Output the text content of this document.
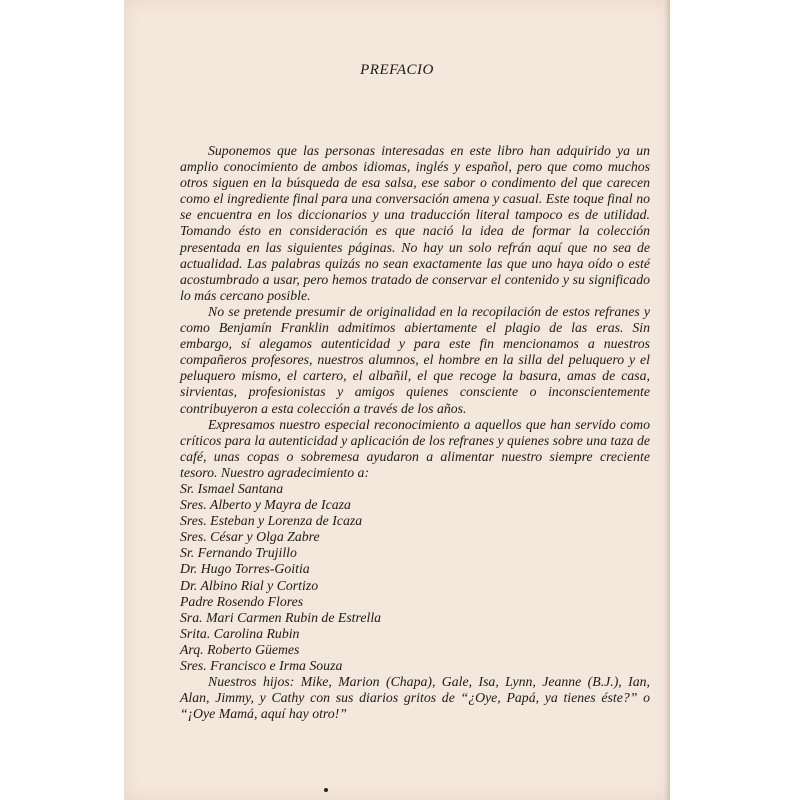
PREFACIO

Suponemos que las personas interesadas en este libro han adquirido ya un amplio conocimiento de ambos idiomas, inglés y español, pero que como muchos otros siguen en la búsqueda de esa salsa, ese sabor o condimento del que carecen como el ingrediente final para una conversación amena y casual. Este toque final no se encuentra en los diccionarios y una traducción literal tampoco es de utilidad. Tomando ésto en consideración es que nació la idea de formar la colección presentada en las siguientes páginas. No hay un solo refrán aquí que no sea de actualidad. Las palabras quizás no sean exactamente las que uno haya oído o esté acostumbrado a usar, pero hemos tratado de conservar el contenido y su significado lo más cercano posible.

No se pretende presumir de originalidad en la recopilación de estos refranes y como Benjamín Franklin admitimos abiertamente el plagio de las eras. Sin embargo, sí alegamos autenticidad y para este fin mencionamos a nuestros compañeros profesores, nuestros alumnos, el hombre en la silla del peluquero y el peluquero mismo, el cartero, el albañil, el que recoge la basura, amas de casa, sirvientas, profesionistas y amigos quienes consciente o inconscientemente contribuyeron a esta colección a través de los años.

Expresamos nuestro especial reconocimiento a aquellos que han servido como críticos para la autenticidad y aplicación de los refranes y quienes sobre una taza de café, unas copas o sobremesa ayudaron a alimentar nuestro siempre creciente tesoro. Nuestro agradecimiento a:

Sr. Ismael Santana
Sres. Alberto y Mayra de Icaza
Sres. Esteban y Lorenza de Icaza
Sres. César y Olga Zabre
Sr. Fernando Trujillo
Dr. Hugo Torres-Goitia
Dr. Albino Rial y Cortizo
Padre Rosendo Flores
Sra. Mari Carmen Rubin de Estrella
Srita. Carolina Rubin
Arq. Roberto Güemes
Sres. Francisco e Irma Souza

Nuestros hijos: Mike, Marion (Chapa), Gale, Isa, Lynn, Jeanne (B.J.), Ian, Alan, Jimmy, y Cathy con sus diarios gritos de “¿Oye, Papá, ya tienes éste?” o “¡Oye Mamá, aquí hay otro!”
